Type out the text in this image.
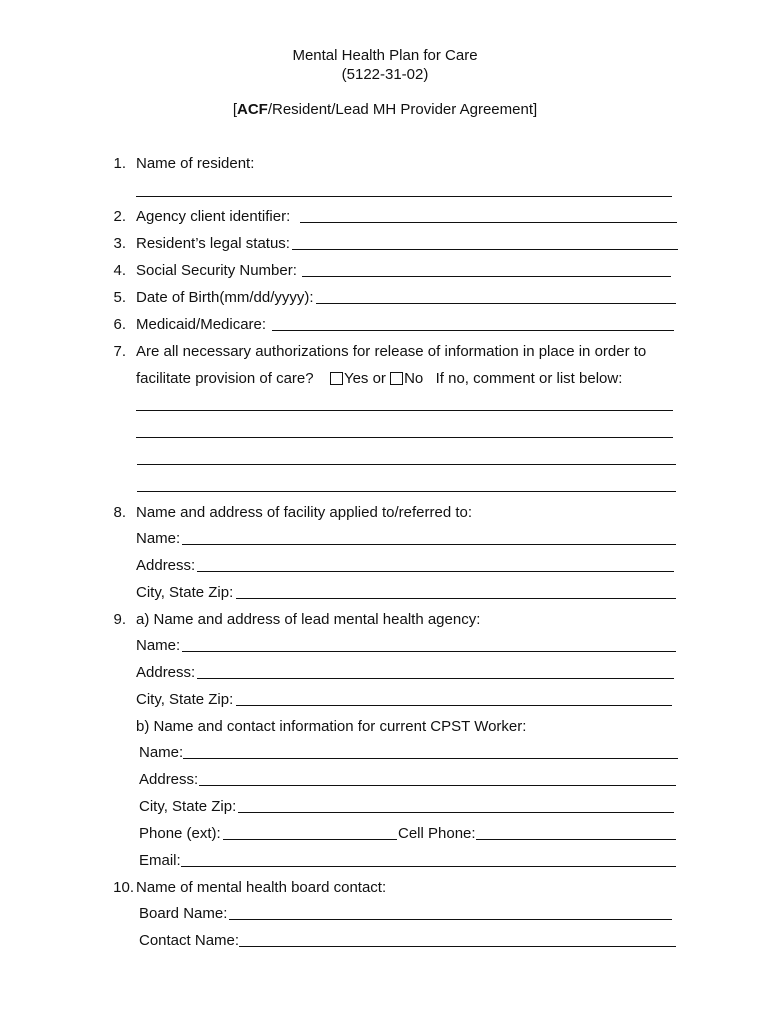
Mental Health Plan for Care
(5122-31-02)
[ACF/Resident/Lead MH Provider Agreement]
1. Name of resident:
2. Agency client identifier:
3. Resident’s legal status:
4. Social Security Number:
5. Date of Birth(mm/dd/yyyy):
6. Medicaid/Medicare:
7. Are all necessary authorizations for release of information in place in order to
facilitate provision of care? Yes or No If no, comment or list below:
8. Name and address of facility applied to/referred to:
Name:
Address:
City, State Zip:
9. a) Name and address of lead mental health agency:
Name:
Address:
City, State Zip:
b) Name and contact information for current CPST Worker:
Name:
Address:
City, State Zip:
Phone (ext):	Cell Phone:
Email:
10. Name of mental health board contact:
Board Name:
Contact Name:
